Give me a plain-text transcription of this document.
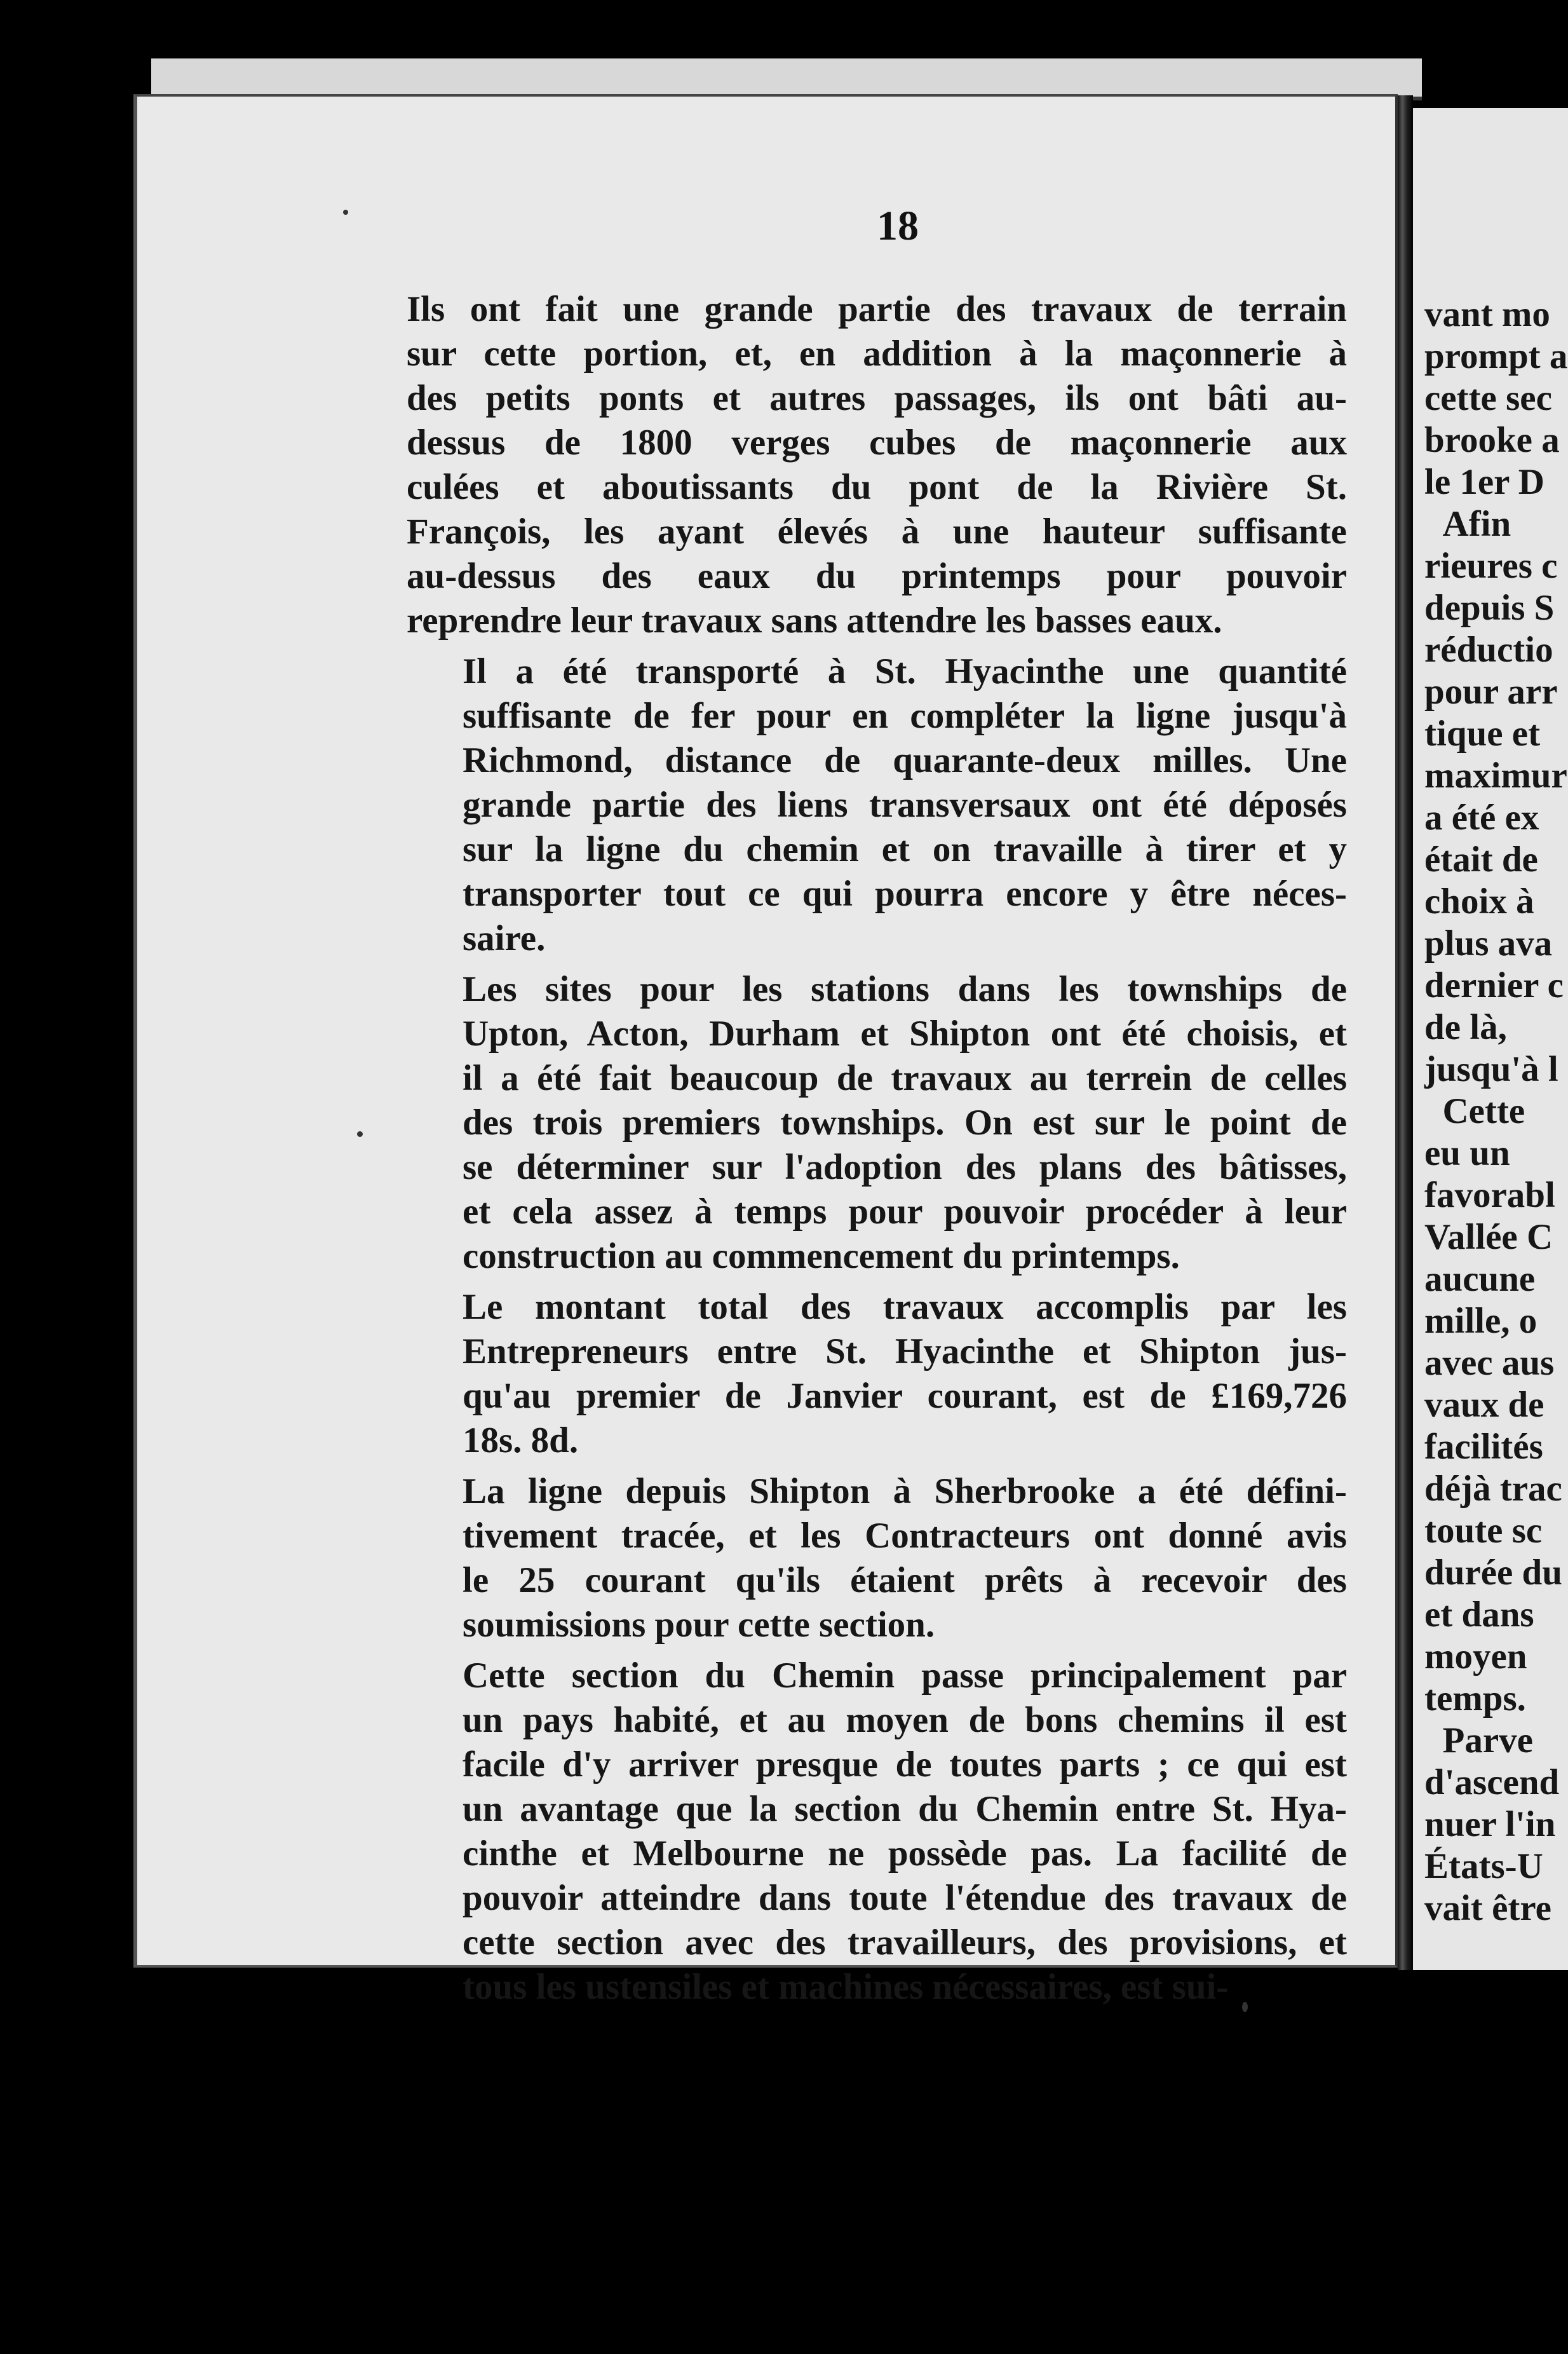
18

Ils ont fait une grande partie des travaux de terrain
sur cette portion, et, en addition à la maçonnerie à
des petits ponts et autres passages, ils ont bâti au-
dessus de 1800 verges cubes de maçonnerie aux
culées et aboutissants du pont de la Rivière St.
François, les ayant élevés à une hauteur suffisante
au-dessus des eaux du printemps pour pouvoir
reprendre leur travaux sans attendre les basses eaux.

Il a été transporté à St. Hyacinthe une quantité
suffisante de fer pour en compléter la ligne jusqu'à
Richmond, distance de quarante-deux milles. Une
grande partie des liens transversaux ont été déposés
sur la ligne du chemin et on travaille à tirer et y
transporter tout ce qui pourra encore y être néces-
saire.

Les sites pour les stations dans les townships de
Upton, Acton, Durham et Shipton ont été choisis, et
il a été fait beaucoup de travaux au terrein de celles
des trois premiers townships. On est sur le point de
se déterminer sur l'adoption des plans des bâtisses,
et cela assez à temps pour pouvoir procéder à leur
construction au commencement du printemps.

Le montant total des travaux accomplis par les
Entrepreneurs entre St. Hyacinthe et Shipton jus-
qu'au premier de Janvier courant, est de £169,726
18s. 8d.

La ligne depuis Shipton à Sherbrooke a été défini-
tivement tracée, et les Contracteurs ont donné avis
le 25 courant qu'ils étaient prêts à recevoir des
soumissions pour cette section.

Cette section du Chemin passe principalement par
un pays habité, et au moyen de bons chemins il est
facile d'y arriver presque de toutes parts ; ce qui est
un avantage que la section du Chemin entre St. Hya-
cinthe et Melbourne ne possède pas. La facilité de
pouvoir atteindre dans toute l'étendue des travaux de
cette section avec des travailleurs, des provisions, et
tous les ustensiles et machines nécessaires, est sui-

vant mo
prompt a
cette sec
brooke a
le 1er D
Afin
rieures c
depuis S
réductio
pour arr
tique et
maximur
a été ex
était de
choix à
plus ava
dernier c
de là,
jusqu'à l
Cette
eu un
favorabl
Vallée C
aucune
mille, o
avec aus
vaux de
facilités
déjà trac
toute sc
durée du
et dans
moyen
temps.
Parve
d'ascend
nuer l'in
États-U
vait être
